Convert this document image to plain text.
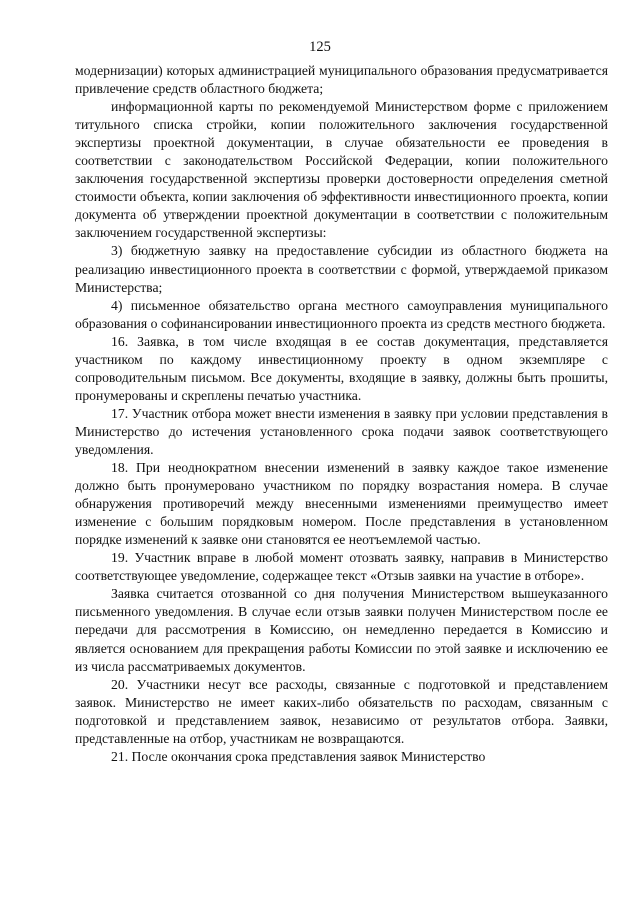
125

модернизации) которых администрацией муниципального образования предусматривается привлечение средств областного бюджета;

информационной карты по рекомендуемой Министерством форме с приложением титульного списка стройки, копии положительного заключения государственной экспертизы проектной документации, в случае обязательности ее проведения в соответствии с законодательством Российской Федерации, копии положительного заключения государственной экспертизы проверки достоверности определения сметной стоимости объекта, копии заключения об эффективности инвестиционного проекта, копии документа об утверждении проектной документации в соответствии с положительным заключением государственной экспертизы:

3) бюджетную заявку на предоставление субсидии из областного бюджета на реализацию инвестиционного проекта в соответствии с формой, утверждаемой приказом Министерства;

4) письменное обязательство органа местного самоуправления муниципального образования о софинансировании инвестиционного проекта из средств местного бюджета.

16. Заявка, в том числе входящая в ее состав документация, представляется участником по каждому инвестиционному проекту в одном экземпляре с сопроводительным письмом. Все документы, входящие в заявку, должны быть прошиты, пронумерованы и скреплены печатью участника.

17. Участник отбора может внести изменения в заявку при условии представления в Министерство до истечения установленного срока подачи заявок соответствующего уведомления.

18. При неоднократном внесении изменений в заявку каждое такое изменение должно быть пронумеровано участником по порядку возрастания номера. В случае обнаружения противоречий между внесенными изменениями преимущество имеет изменение с большим порядковым номером. После представления в установленном порядке изменений к заявке они становятся ее неотъемлемой частью.

19. Участник вправе в любой момент отозвать заявку, направив в Министерство соответствующее уведомление, содержащее текст «Отзыв заявки на участие в отборе».

Заявка считается отозванной со дня получения Министерством вышеуказанного письменного уведомления. В случае если отзыв заявки получен Министерством после ее передачи для рассмотрения в Комиссию, он немедленно передается в Комиссию и является основанием для прекращения работы Комиссии по этой заявке и исключению ее из числа рассматриваемых документов.

20. Участники несут все расходы, связанные с подготовкой и представлением заявок. Министерство не имеет каких-либо обязательств по расходам, связанным с подготовкой и представлением заявок, независимо от результатов отбора. Заявки, представленные на отбор, участникам не возвращаются.

21. После окончания срока представления заявок Министерство
